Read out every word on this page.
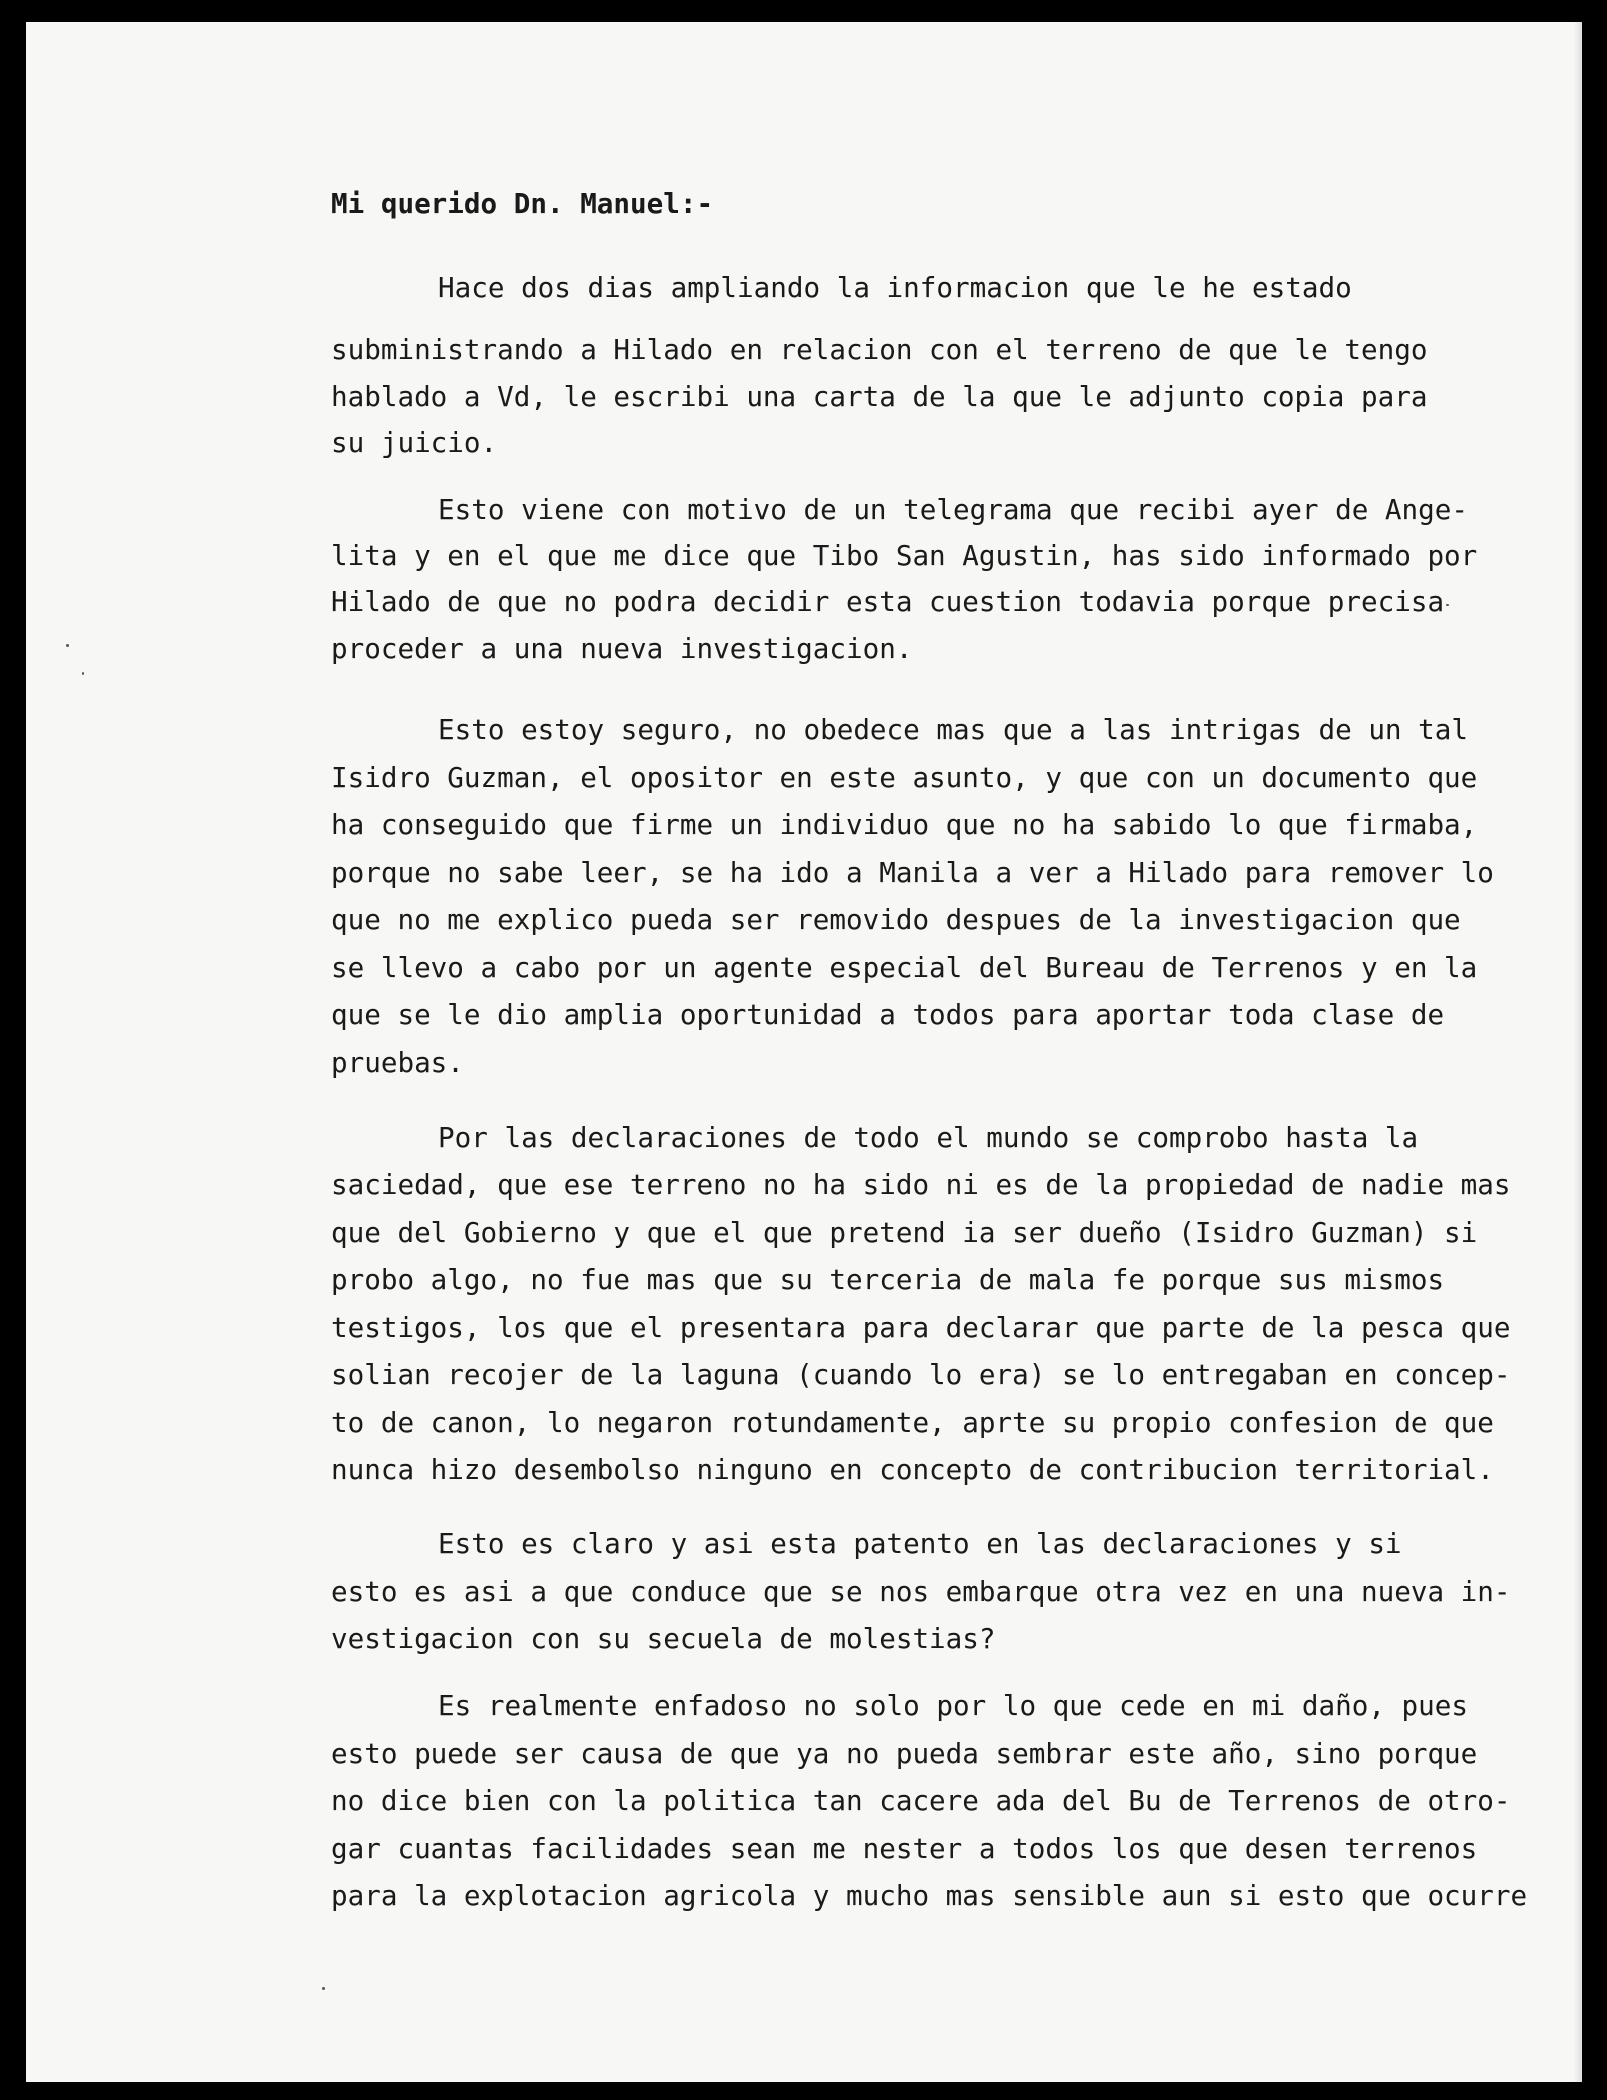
Mi querido Dn. Manuel:-
Hace dos dias ampliando la informacion que le he estado
subministrando a Hilado en relacion con el terreno de que le tengo
hablado a Vd, le escribi una carta de la que le adjunto copia para
su juicio.
Esto viene con motivo de un telegrama que recibi ayer de Ange-
lita y en el que me dice que Tibo San Agustin, has sido informado por
Hilado de que no podra decidir esta cuestion todavia porque precisa
proceder a una nueva investigacion.
Esto estoy seguro, no obedece mas que a las intrigas de un tal
Isidro Guzman, el opositor en este asunto, y que con un documento que
ha conseguido que firme un individuo que no ha sabido lo que firmaba,
porque no sabe leer, se ha ido a Manila a ver a Hilado para remover lo
que no me explico pueda ser removido despues de la investigacion que
se llevo a cabo por un agente especial del Bureau de Terrenos y en la
que se le dio amplia oportunidad a todos para aportar toda clase de
pruebas.
Por las declaraciones de todo el mundo se comprobo hasta la
saciedad, que ese terreno no ha sido ni es de la propiedad de nadie mas
que del Gobierno y que el que pretend ia ser dueño (Isidro Guzman) si
probo algo, no fue mas que su terceria de mala fe porque sus mismos
testigos, los que el presentara para declarar que parte de la pesca que
solian recojer de la laguna (cuando lo era) se lo entregaban en concep-
to de canon, lo negaron rotundamente, aprte su propio confesion de que
nunca hizo desembolso ninguno en concepto de contribucion territorial.
Esto es claro y asi esta patento en las declaraciones y si
esto es asi a que conduce que se nos embarque otra vez en una nueva in-
vestigacion con su secuela de molestias?
Es realmente enfadoso no solo por lo que cede en mi daño, pues
esto puede ser causa de que ya no pueda sembrar este año, sino porque
no dice bien con la politica tan cacere ada del Bu de Terrenos de otro-
gar cuantas facilidades sean me nester a todos los que desen terrenos
para la explotacion agricola y mucho mas sensible aun si esto que ocurre
